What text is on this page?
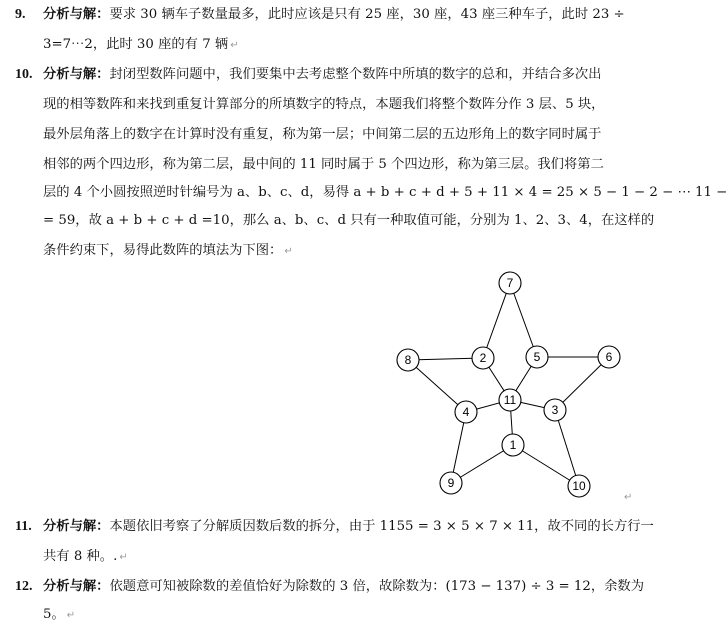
9. 分析与解：要求 30 辆车子数量最多，此时应该是只有 25 座，30 座，43 座三种车子，此时 23 ÷
3=7⋯2，此时 30 座的有 7 辆 ↵
10. 分析与解：封闭型数阵问题中，我们要集中去考虑整个数阵中所填的数字的总和，并结合多次出
现的相等数阵和来找到重复计算部分的所填数字的特点，本题我们将整个数阵分作 3 层、5 块，
最外层角落上的数字在计算时没有重复，称为第一层；中间第二层的五边形角上的数字同时属于
相邻的两个四边形，称为第二层，最中间的 11 同时属于 5 个四边形，称为第三层。我们将第二
层的 4 个小圆按照逆时针编号为 a、b、c、d，易得 a + b + c + d + 5 + 11 × 4 = 25 × 5 − 1 − 2 − ⋯ 11 −
= 59，故 a + b + c + d =10，那么 a、b、c、d 只有一种取值可能，分别为 1、2、3、4，在这样的
条件约束下，易得此数阵的填法为下图： ↵
7
8	2	5	6
11
4	3
1
9	10
↵
11. 分析与解：本题依旧考察了分解质因数后数的拆分，由于 1155 = 3 × 5 × 7 × 11，故不同的长方行一
共有 8 种。. ↵
12. 分析与解：依题意可知被除数的差值恰好为除数的 3 倍，故除数为：(173 − 137) ÷ 3 = 12，余数为
5。 ↵
